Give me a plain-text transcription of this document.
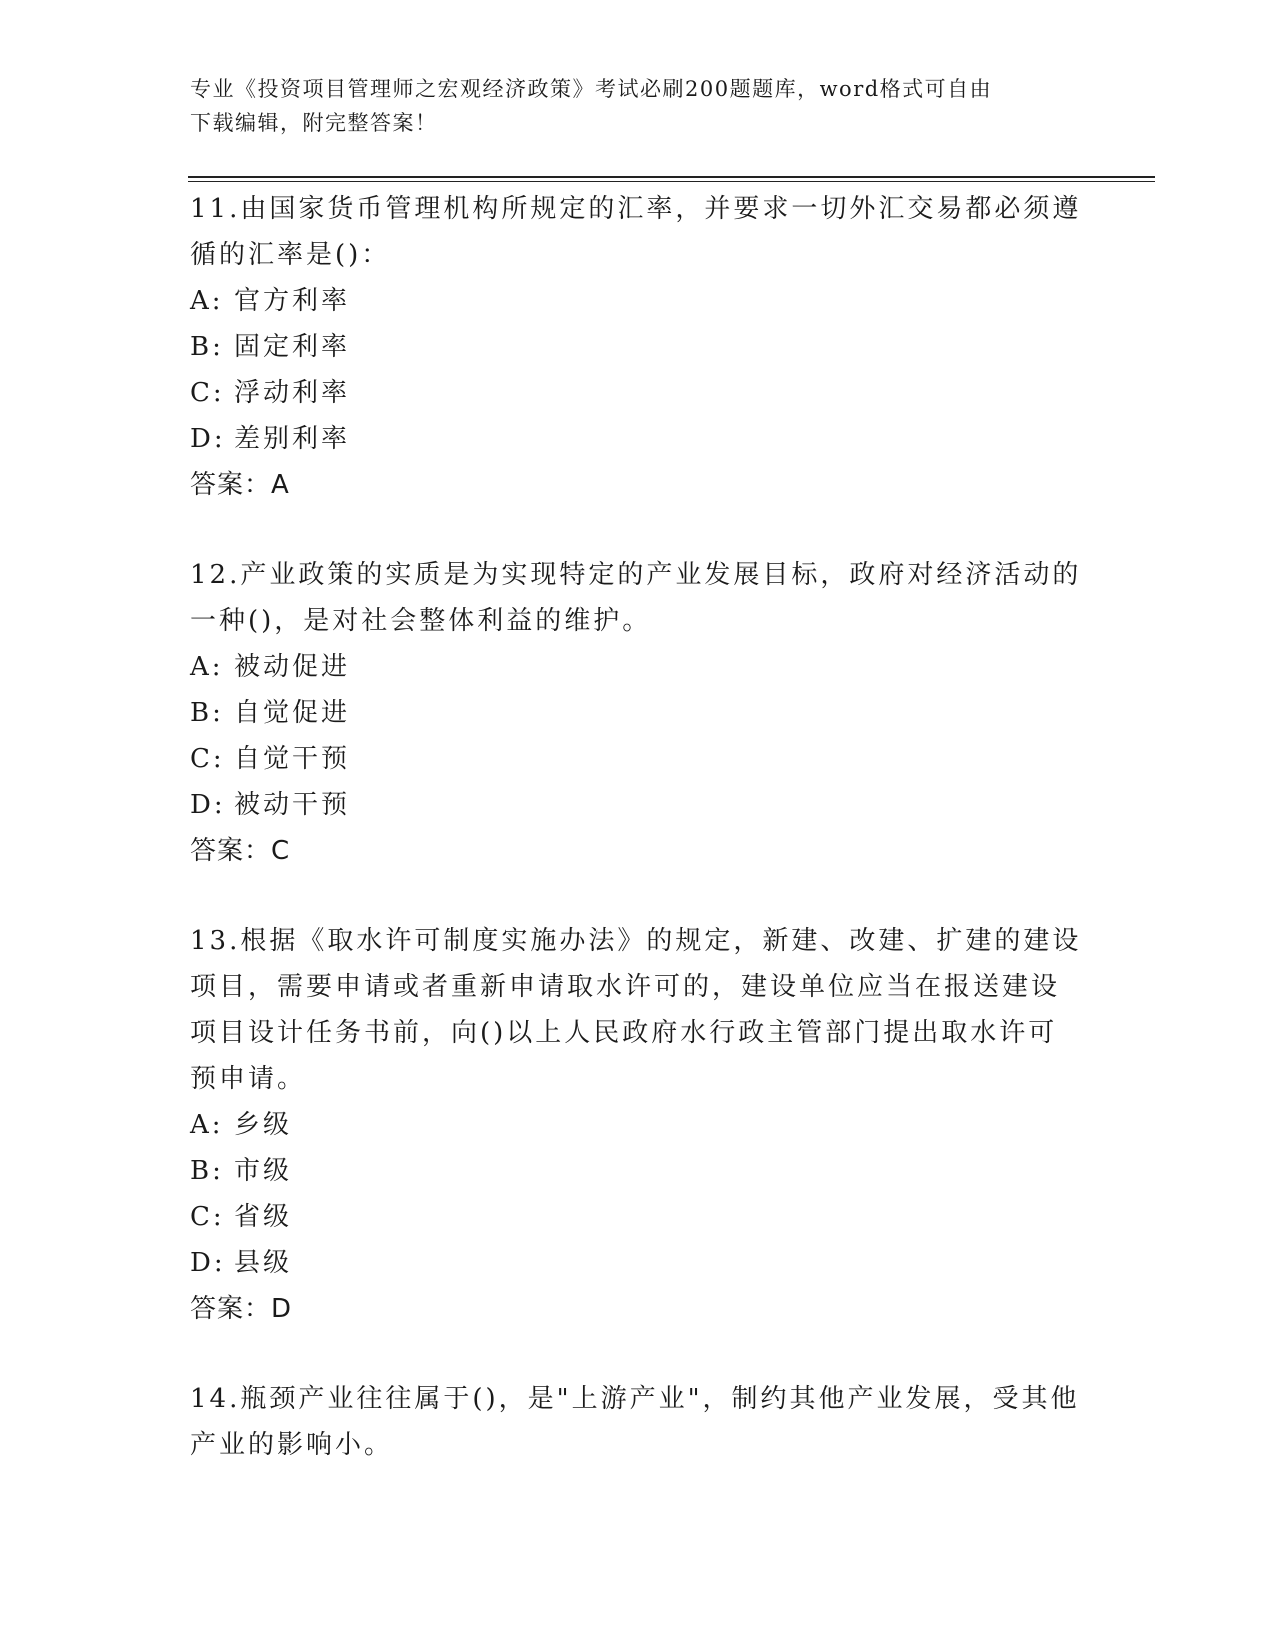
专业《投资项目管理师之宏观经济政策》考试必刷200题题库，word格式可自由
下载编辑，附完整答案！
11.由国家货币管理机构所规定的汇率，并要求一切外汇交易都必须遵
循的汇率是()：
A: 官方利率
B: 固定利率
C: 浮动利率
D: 差别利率
答案：A
12.产业政策的实质是为实现特定的产业发展目标，政府对经济活动的
一种()，是对社会整体利益的维护。
A: 被动促进
B: 自觉促进
C: 自觉干预
D: 被动干预
答案：C
13.根据《取水许可制度实施办法》的规定，新建、改建、扩建的建设
项目，需要申请或者重新申请取水许可的，建设单位应当在报送建设
项目设计任务书前，向()以上人民政府水行政主管部门提出取水许可
预申请。
A: 乡级
B: 市级
C: 省级
D: 县级
答案：D
14.瓶颈产业往往属于()，是"上游产业"，制约其他产业发展，受其他
产业的影响小。
